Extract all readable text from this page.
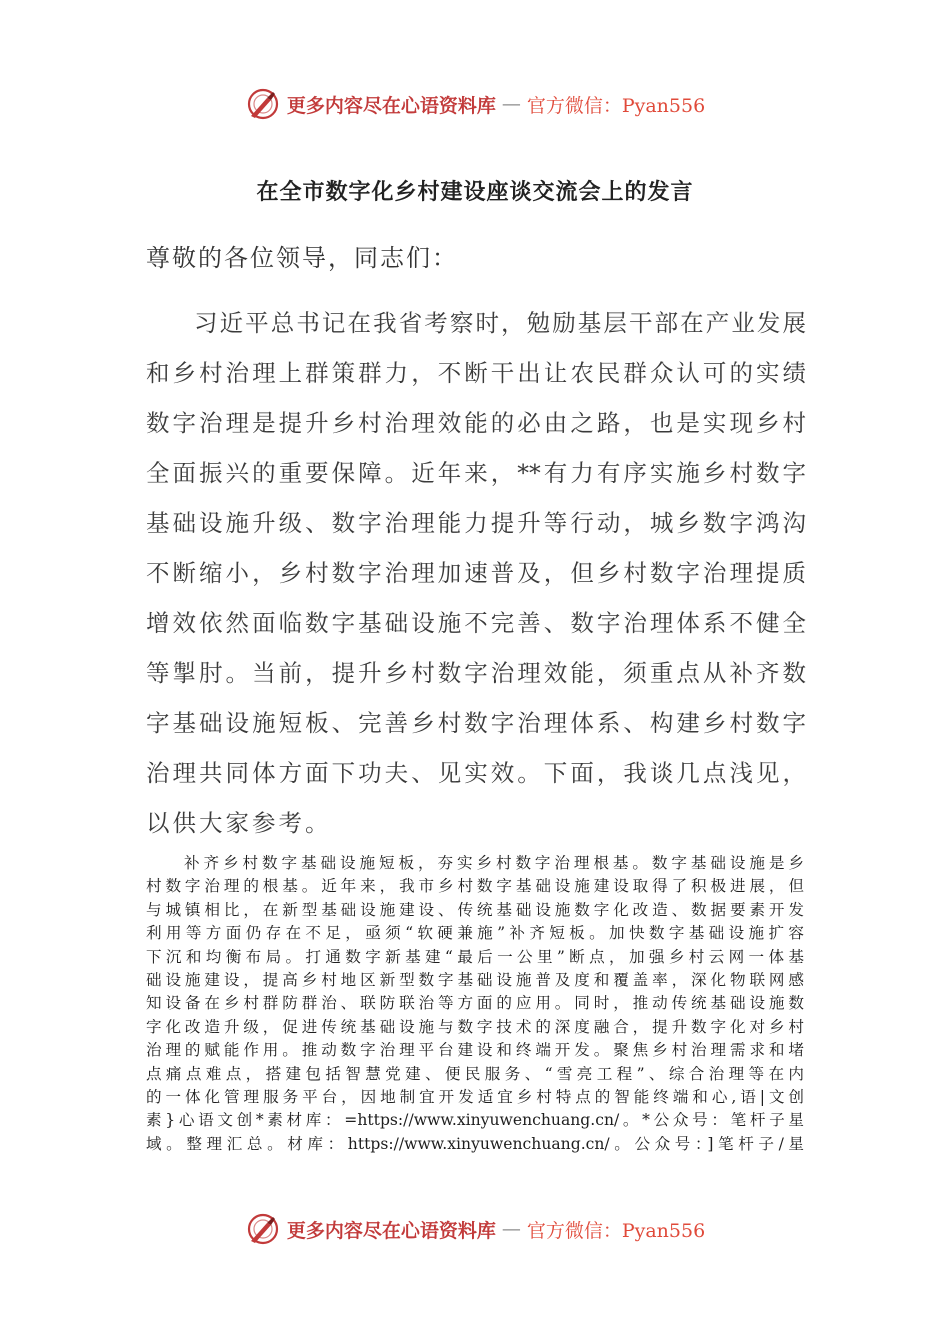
更多内容尽在心语资料库 — 官方微信：Pyan556
在全市数字化乡村建设座谈交流会上的发言
尊敬的各位领导，同志们：
习近平总书记在我省考察时，勉励基层干部在产业发展
和乡村治理上群策群力，不断干出让农民群众认可的实绩
数字治理是提升乡村治理效能的必由之路，也是实现乡村
全面振兴的重要保障。近年来，**有力有序实施乡村数字
基础设施升级、数字治理能力提升等行动，城乡数字鸿沟
不断缩小，乡村数字治理加速普及，但乡村数字治理提质
增效依然面临数字基础设施不完善、数字治理体系不健全
等掣肘。当前，提升乡村数字治理效能，须重点从补齐数
字基础设施短板、完善乡村数字治理体系、构建乡村数字
治理共同体方面下功夫、见实效。下面，我谈几点浅见，
以供大家参考。
补齐乡村数字基础设施短板，夯实乡村数字治理根基。数字基础设施是乡
村数字治理的根基。近年来，我市乡村数字基础设施建设取得了积极进展，但
与城镇相比，在新型基础设施建设、传统基础设施数字化改造、数据要素开发
利用等方面仍存在不足，亟须“软硬兼施”补齐短板。加快数字基础设施扩容
下沉和均衡布局。打通数字新基建“最后一公里”断点，加强乡村云网一体基
础设施建设，提高乡村地区新型数字基础设施普及度和覆盖率，深化物联网感
知设备在乡村群防群治、联防联治等方面的应用。同时，推动传统基础设施数
字化改造升级，促进传统基础设施与数字技术的深度融合，提升数字化对乡村
治理的赋能作用。推动数字治理平台建设和终端开发。聚焦乡村治理需求和堵
点痛点难点，搭建包括智慧党建、便民服务、“雪亮工程”、综合治理等在内
的一体化管理服务平台，因地制宜开发适宜乡村特点的智能终端和心,语|文创
素}心语文创*素材库：=https://www.xinyuwenchuang.cn/。*公众号：笔杆子星
域。整理汇总。材库：https://www.xinyuwenchuang.cn/。公众号：]笔杆子/星
更多内容尽在心语资料库 — 官方微信：Pyan556
